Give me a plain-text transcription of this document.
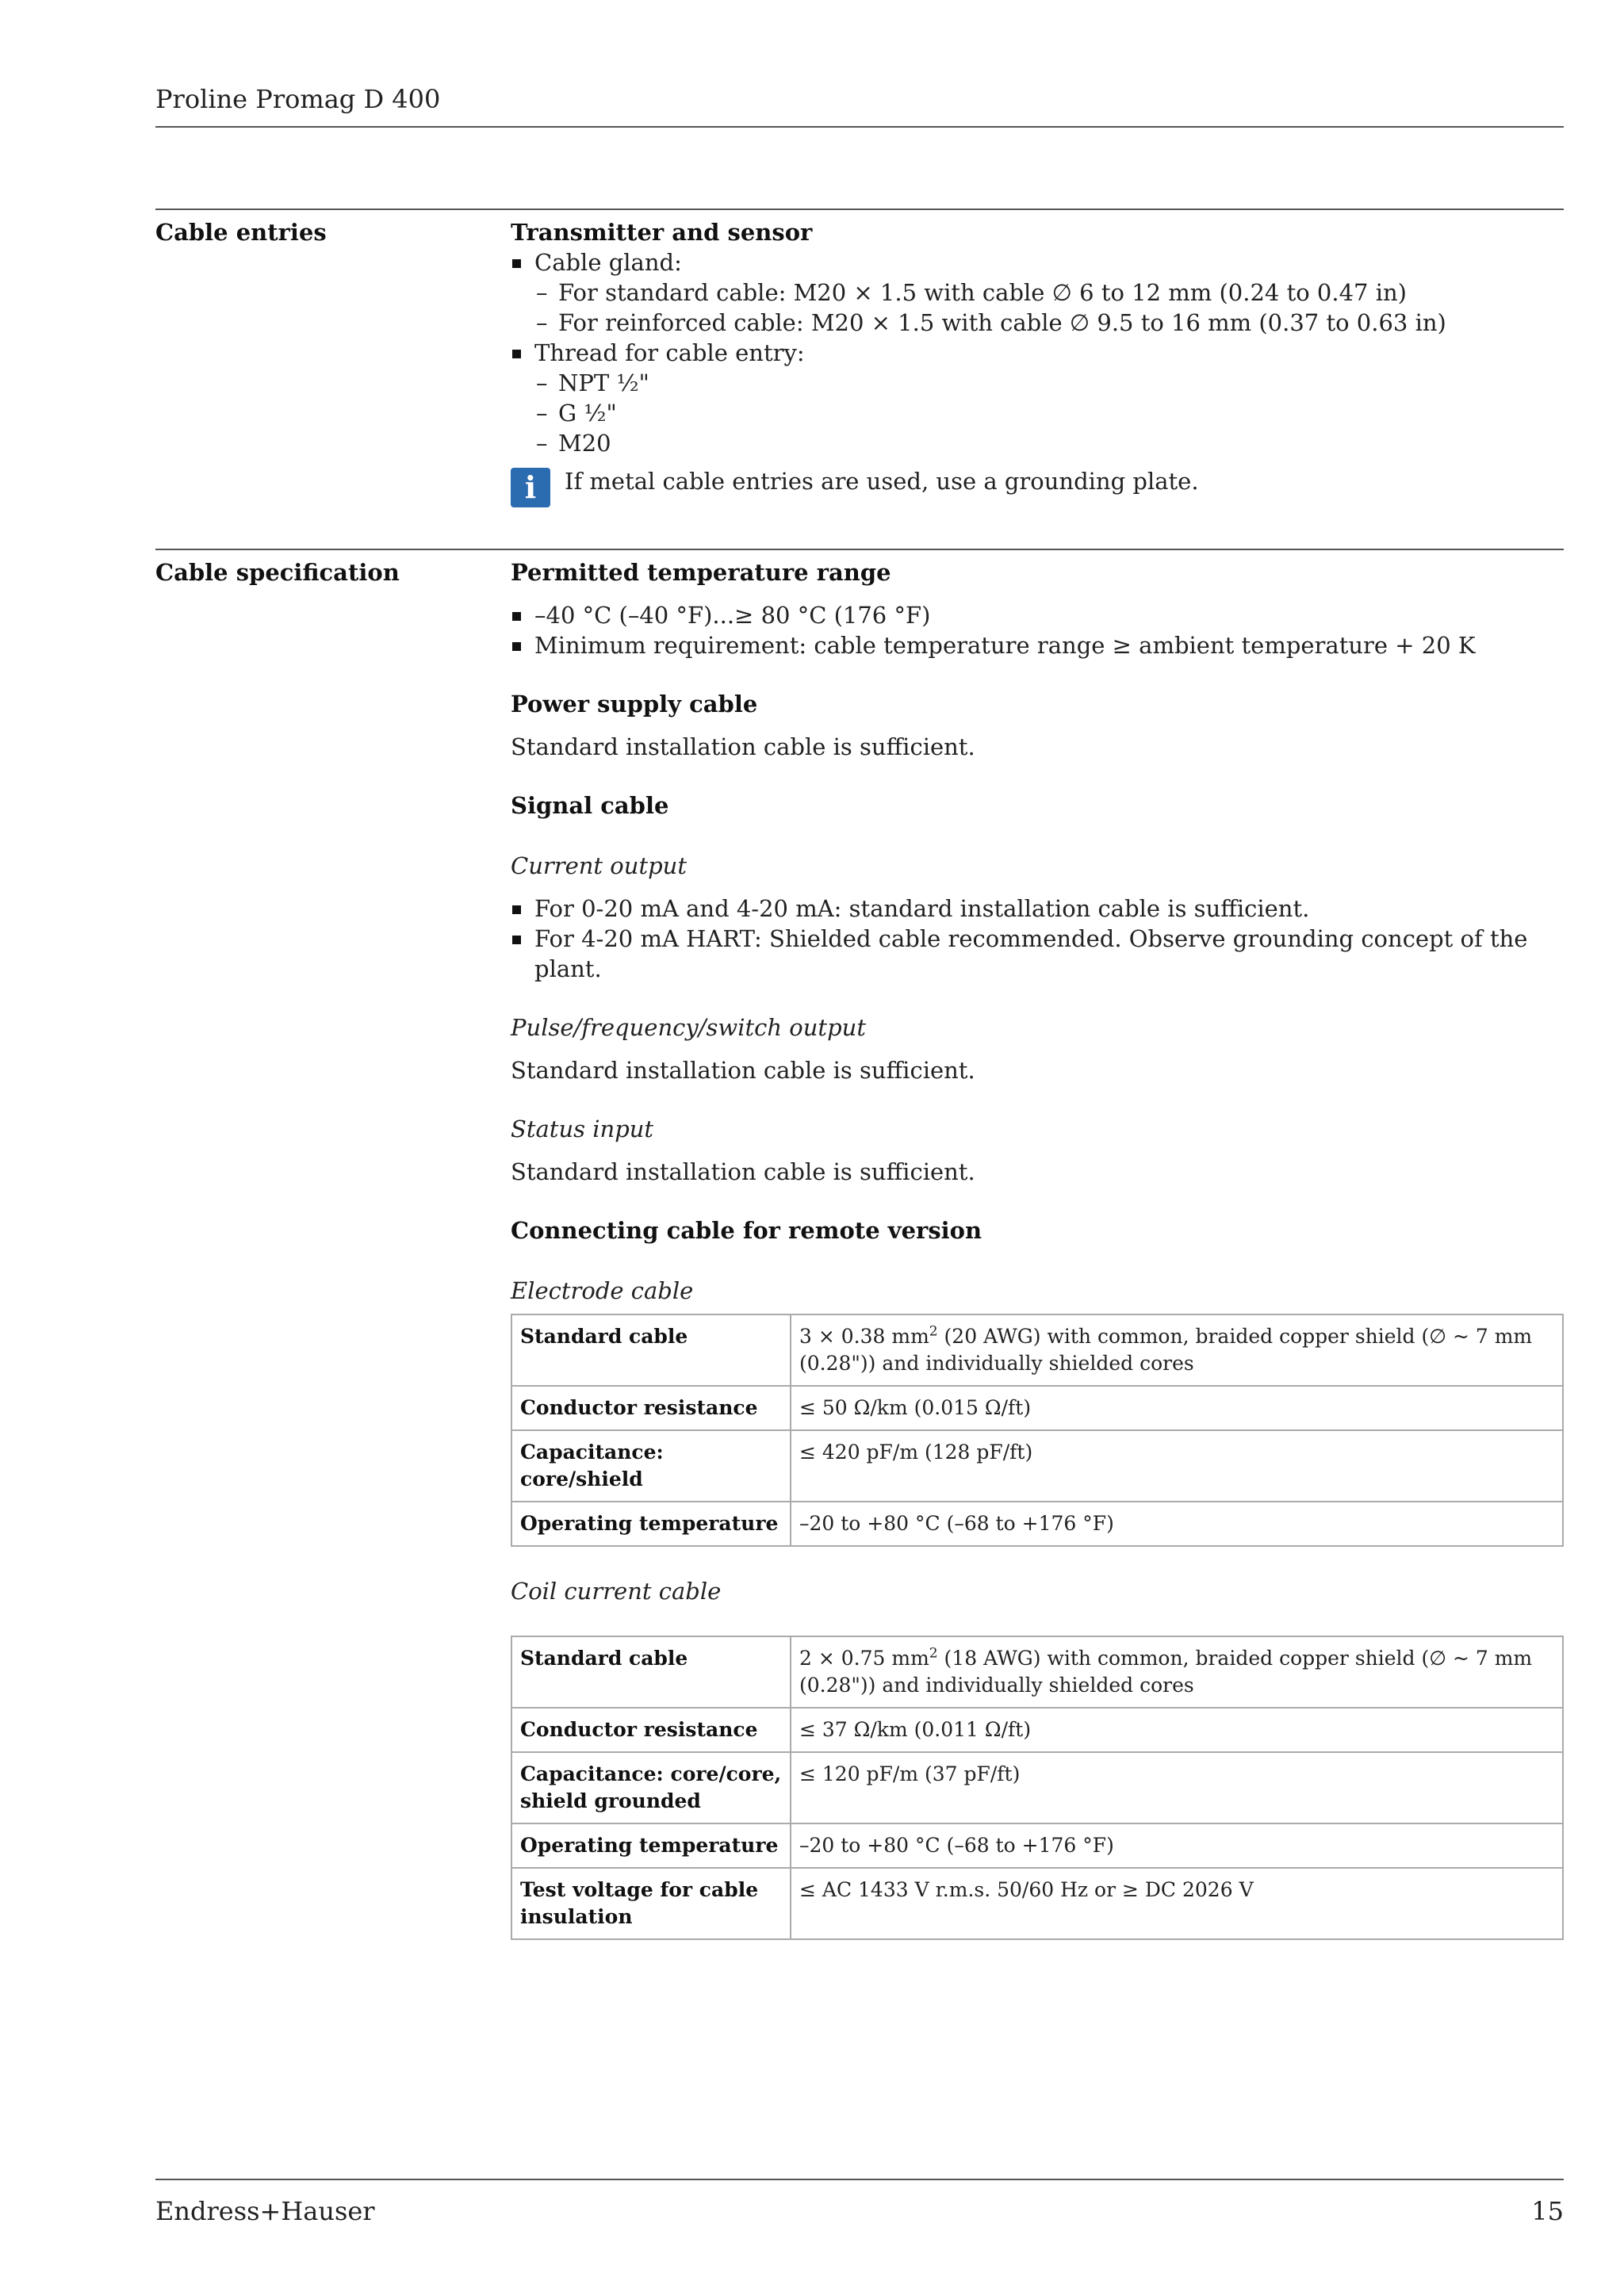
Proline Promag D 400
Cable entries	Transmitter and sensor
Cable gland:
– For standard cable: M20 × 1.5 with cable ∅ 6 to 12 mm (0.24 to 0.47 in)
– For reinforced cable: M20 × 1.5 with cable ∅ 9.5 to 16 mm (0.37 to 0.63 in)
Thread for cable entry:
– NPT ½"
– G ½"
– M20
i	If metal cable entries are used, use a grounding plate.
Cable specification	Permitted temperature range
–40 °C (–40 °F)...≥ 80 °C (176 °F)
Minimum requirement: cable temperature range ≥ ambient temperature + 20 K
Power supply cable
Standard installation cable is sufficient.
Signal cable
Current output
For 0-20 mA and 4-20 mA: standard installation cable is sufficient.
For 4-20 mA HART: Shielded cable recommended. Observe grounding concept of the plant.
Pulse/frequency/switch output
Standard installation cable is sufficient.
Status input
Standard installation cable is sufficient.
Connecting cable for remote version
Electrode cable
Standard cable	3 × 0.38 $mm^2$ (20 AWG) with common, braided copper shield (∅ ~ 7 mm (0.28")) and individually shielded cores
Conductor resistance	≤ 50 Ω/km (0.015 Ω/ft)
Capacitance: core/shield	≤ 420 pF/m (128 pF/ft)
Operating temperature	–20 to +80 °C (–68 to +176 °F)
Coil current cable
Standard cable	2 × 0.75 $mm^2$ (18 AWG) with common, braided copper shield (∅ ~ 7 mm (0.28")) and individually shielded cores
Conductor resistance	≤ 37 Ω/km (0.011 Ω/ft)
Capacitance: core/core, shield grounded	≤ 120 pF/m (37 pF/ft)
Operating temperature	–20 to +80 °C (–68 to +176 °F)
Test voltage for cable insulation	≤ AC 1433 V r.m.s. 50/60 Hz or ≥ DC 2026 V
Endress+Hauser	15
